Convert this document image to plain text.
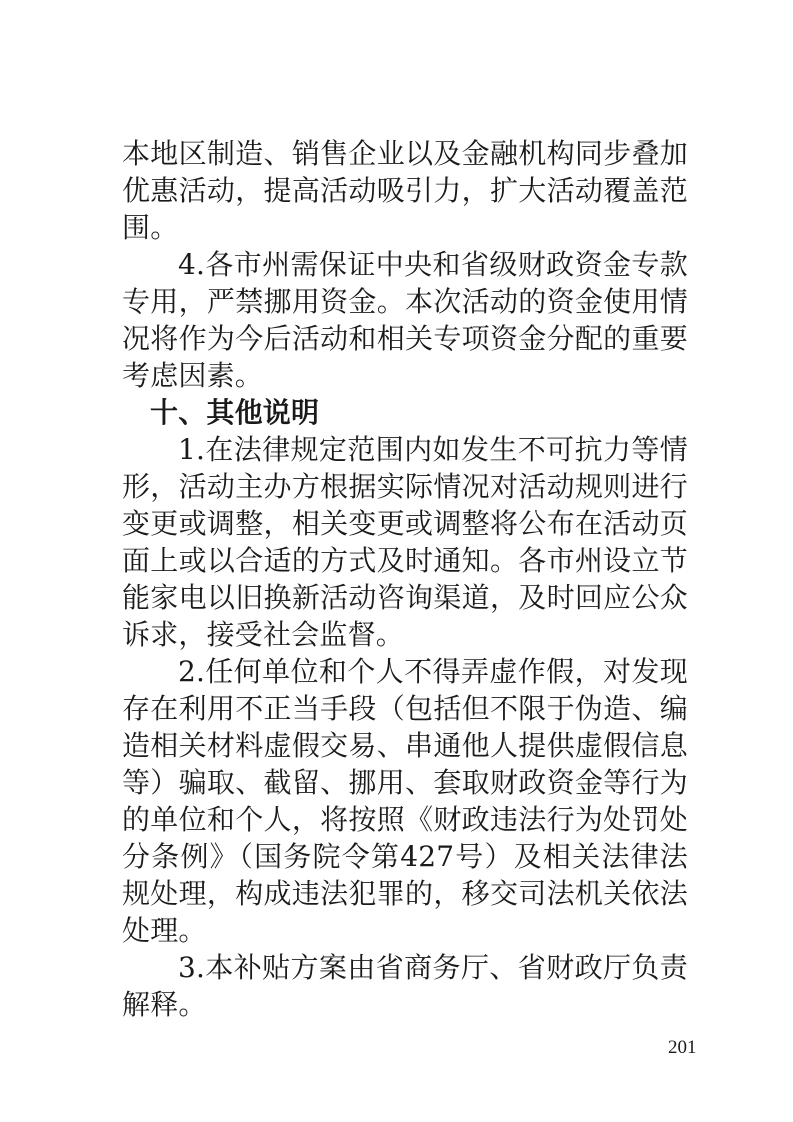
本地区制造、销售企业以及金融机构同步叠加优惠活动，提高活动吸引力，扩大活动覆盖范围。

4.各市州需保证中央和省级财政资金专款专用，严禁挪用资金。本次活动的资金使用情况将作为今后活动和相关专项资金分配的重要考虑因素。

十、其他说明

1.在法律规定范围内如发生不可抗力等情形，活动主办方根据实际情况对活动规则进行变更或调整，相关变更或调整将公布在活动页面上或以合适的方式及时通知。各市州设立节能家电以旧换新活动咨询渠道，及时回应公众诉求，接受社会监督。

2.任何单位和个人不得弄虚作假，对发现存在利用不正当手段（包括但不限于伪造、编造相关材料虚假交易、串通他人提供虚假信息等）骗取、截留、挪用、套取财政资金等行为的单位和个人，将按照《财政违法行为处罚处分条例》（国务院令第427号）及相关法律法规处理，构成违法犯罪的，移交司法机关依法处理。

3.本补贴方案由省商务厅、省财政厅负责解释。

201
